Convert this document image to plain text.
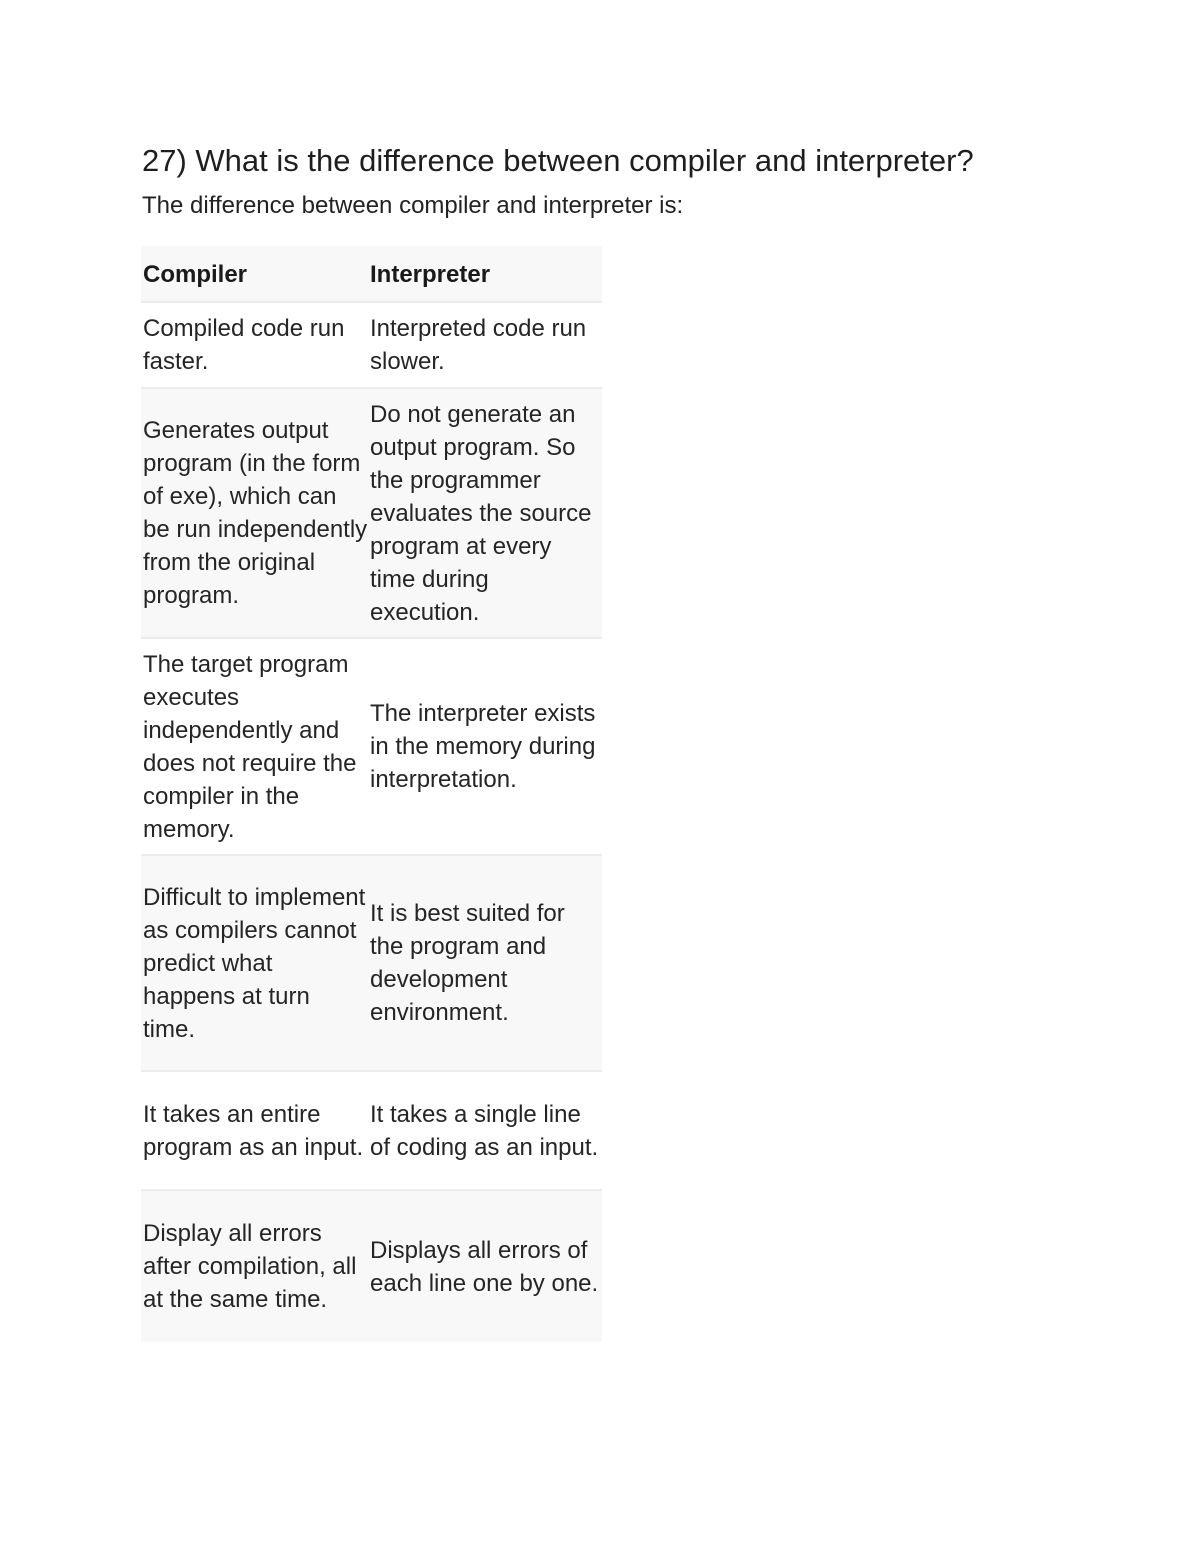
27) What is the difference between compiler and interpreter?

The difference between compiler and interpreter is:

Compiler	Interpreter
Compiled code run faster.	Interpreted code run slower.
Generates output program (in the form of exe), which can be run independently from the original program.	Do not generate an output program. So the programmer evaluates the source program at every time during execution.
The target program executes independently and does not require the compiler in the memory.	The interpreter exists in the memory during interpretation.
Difficult to implement as compilers cannot predict what happens at turn time.	It is best suited for the program and development environment.
It takes an entire program as an input.	It takes a single line of coding as an input.
Display all errors after compilation, all at the same time.	Displays all errors of each line one by one.
